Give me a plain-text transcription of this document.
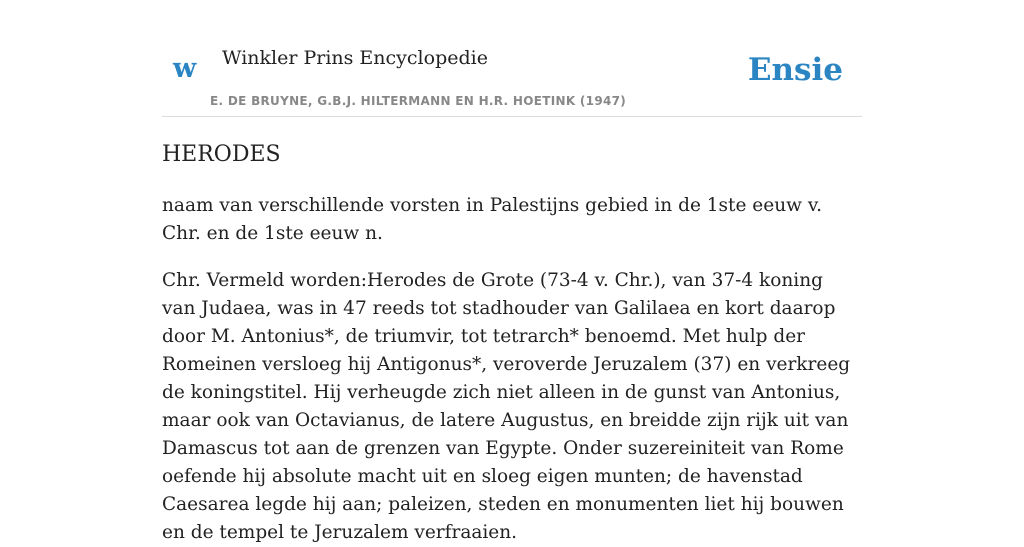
w Winkler Prins Encyclopedie
E. DE BRUYNE, G.B.J. HILTERMANN EN H.R. HOETINK (1947)
Ensie
HERODES

naam van verschillende vorsten in Palestijns gebied in de 1ste eeuw v. Chr. en de 1ste eeuw n.

Chr. Vermeld worden:Herodes de Grote (73-4 v. Chr.), van 37-4 koning van Judaea, was in 47 reeds tot stadhouder van Galilaea en kort daarop door M. Antonius*, de triumvir, tot tetrarch* benoemd. Met hulp der Romeinen versloeg hij Antigonus*, veroverde Jeruzalem (37) en verkreeg de koningstitel. Hij verheugde zich niet alleen in de gunst van Antonius, maar ook van Octavianus, de latere Augustus, en breidde zijn rijk uit van Damascus tot aan de grenzen van Egypte. Onder suzereiniteit van Rome oefende hij absolute macht uit en sloeg eigen munten; de havenstad Caesarea legde hij aan; paleizen, steden en monumenten liet hij bouwen en de tempel te Jeruzalem verfraaien.
